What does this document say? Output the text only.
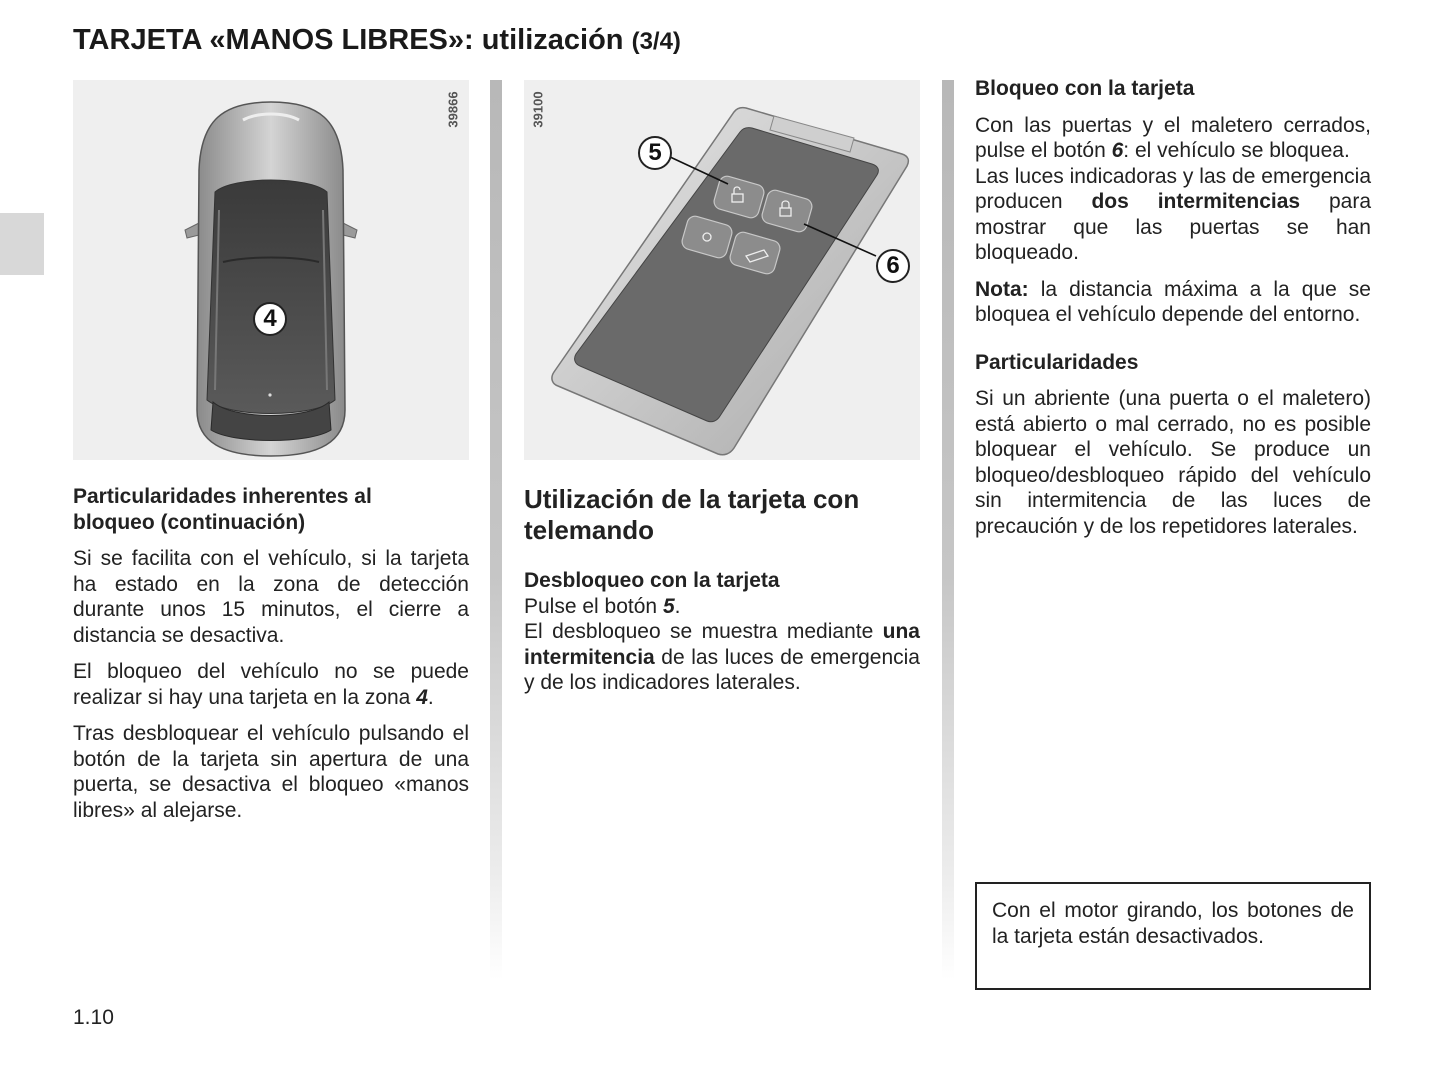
TARJETA «MANOS LIBRES»: utilización (3/4)
4
39866
5
6
39100
Particularidades inherentes al
bloqueo (continuación)

Si se facilita con el vehículo, si la tarjeta ha estado en la zona de detección durante unos 15 minutos, el cierre a distancia se desactiva.

El bloqueo del vehículo no se puede realizar si hay una tarjeta en la zona 4.

Tras desbloquear el vehículo pulsando el botón de la tarjeta sin apertura de una puerta, se desactiva el bloqueo «manos libres» al alejarse.

Utilización de la tarjeta con
telemando
Desbloqueo con la tarjeta
Pulse el botón 5.

El desbloqueo se muestra mediante una intermitencia de las luces de emergencia y de los indicadores laterales.

Bloqueo con la tarjeta
Con las puertas y el maletero cerrados, pulse el botón 6: el vehículo se bloquea.

Las luces indicadoras y las de emergencia producen dos intermitencias para mostrar que las puertas se han bloqueado.

Nota: la distancia máxima a la que se bloquea el vehículo depende del entorno.

Particularidades

Si un abriente (una puerta o el maletero) está abierto o mal cerrado, no es posible bloquear el vehículo. Se produce un bloqueo/desbloqueo rápido del vehículo sin intermitencia de las luces de precaución y de los repetidores laterales.

Con el motor girando, los botones de la tarjeta están desactivados.
1.10
